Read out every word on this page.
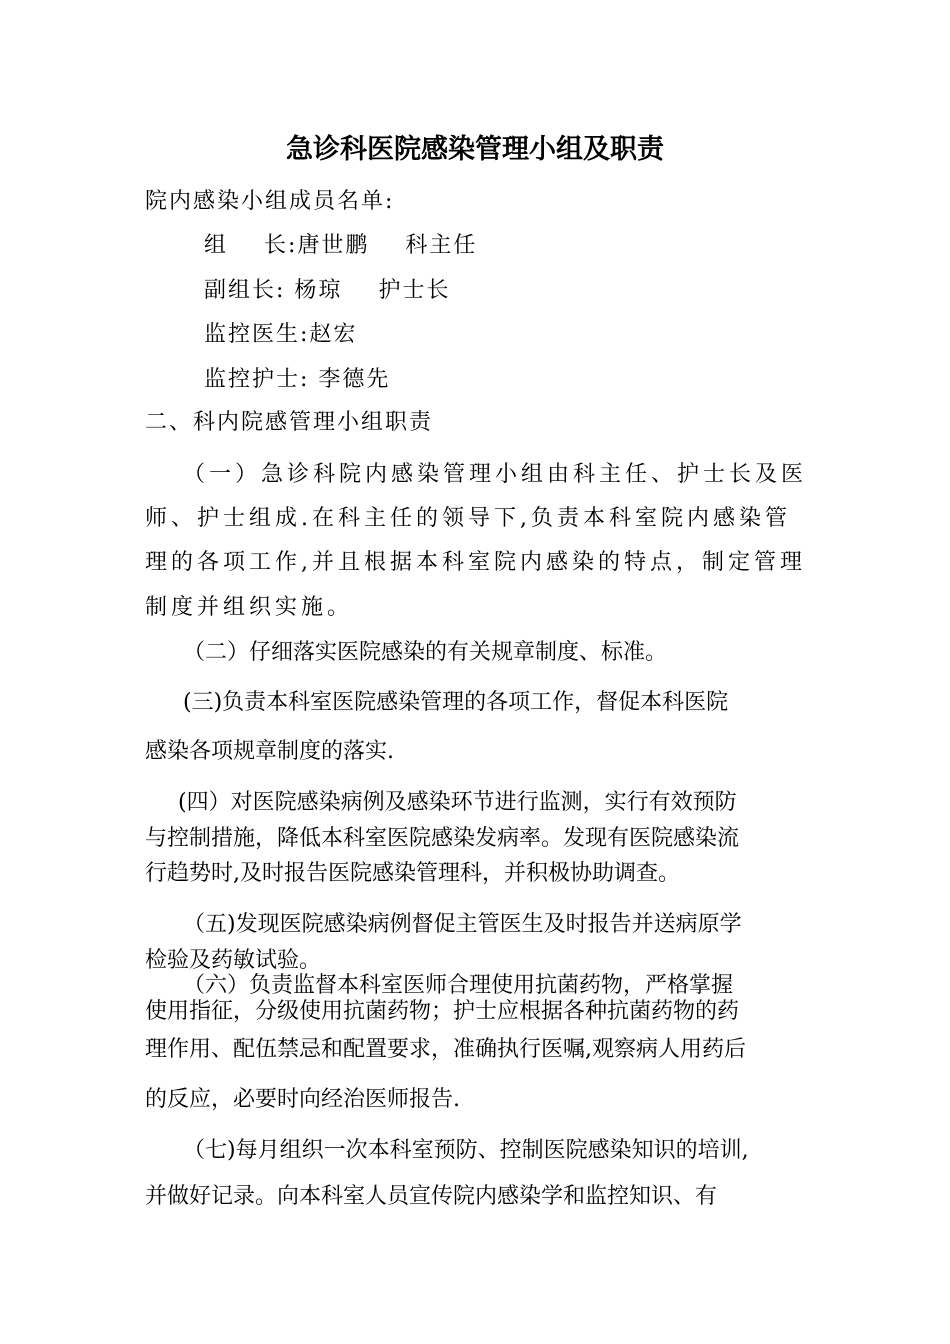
急诊科医院感染管理小组及职责
院内感染小组成员名单:
组    长:唐世鹏 科主任
副组长: 杨琼 护士长
监控医生:赵宏
监控护士: 李德先
二、科内院感管理小组职责
（一）急诊科院内感染管理小组由科主任、护士长及医
师、护士组成.在科主任的领导下,负责本科室院内感染管
理的各项工作,并且根据本科室院内感染的特点，制定管理
制度并组织实施。
（二）仔细落实医院感染的有关规章制度、标准。
(三)负责本科室医院感染管理的各项工作，督促本科医院
感染各项规章制度的落实.
(四）对医院感染病例及感染环节进行监测，实行有效预防
与控制措施，降低本科室医院感染发病率。发现有医院感染流
行趋势时,及时报告医院感染管理科，并积极协助调查。
（五)发现医院感染病例督促主管医生及时报告并送病原学
检验及药敏试验。
（六）负责监督本科室医师合理使用抗菌药物，严格掌握
使用指征，分级使用抗菌药物；护士应根据各种抗菌药物的药
理作用、配伍禁忌和配置要求，准确执行医嘱,观察病人用药后
的反应，必要时向经治医师报告.
（七)每月组织一次本科室预防、控制医院感染知识的培训,
并做好记录。向本科室人员宣传院内感染学和监控知识、有
